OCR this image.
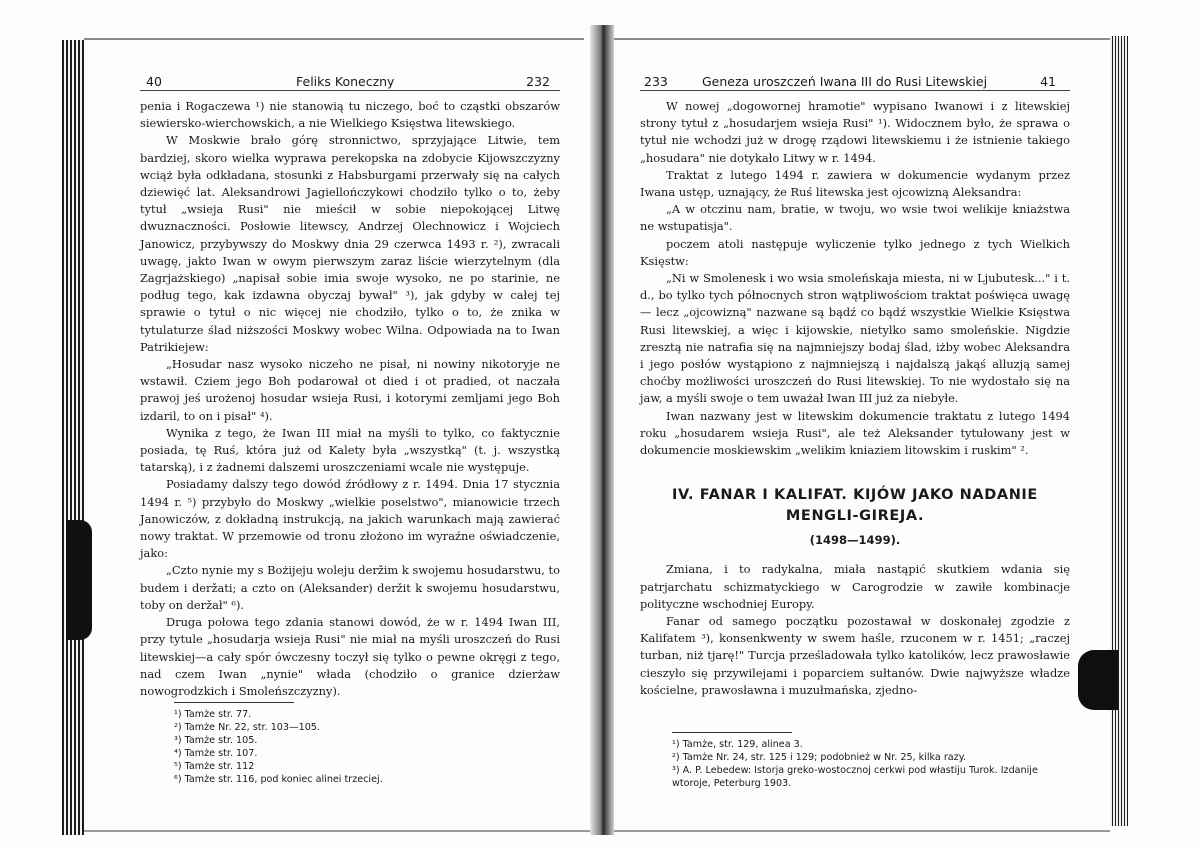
40	Feliks Koneczny	232

penia i Rogaczewa ¹) nie stanowią tu niczego, boć to cząstki obszarów siewiersko-wierchowskich, a nie Wielkiego Księstwa litewskiego.

W Moskwie brało górę stronnictwo, sprzyjające Litwie, tem bardziej, skoro wielka wyprawa perekopska na zdobycie Kijowszczyzny wciąż była odkładana, stosunki z Habsburgami przerwały się na całych dziewięć lat. Aleksandrowi Jagiellończykowi chodziło tylko o to, żeby tytuł „wsieja Rusi" nie mieścił w sobie niepokojącej Litwę dwuznaczności. Posłowie litewscy, Andrzej Olechnowicz i Wojciech Janowicz, przybywszy do Moskwy dnia 29 czerwca 1493 r. ²), zwracali uwagę, jakto Iwan w owym pierwszym zaraz liście wierzytelnym (dla Zagrjażskiego) „napisał sobie imia swoje wysoko, ne po starinie, ne podług tego, kak izdawna obyczaj bywał" ³), jak gdyby w całej tej sprawie o tytuł o nic więcej nie chodziło, tylko o to, że znika w tytulaturze ślad niższości Moskwy wobec Wilna. Odpowiada na to Iwan Patrikiejew:

„Hosudar nasz wysoko niczeho ne pisał, ni nowiny nikotoryje ne wstawił. Cziem jego Boh podarował ot died i ot pradied, ot naczała prawoj jeś urożenoj hosudar wsieja Rusi, i kotorymi zemljami jego Boh izdaril, to on i pisał" ⁴).

Wynika z tego, że Iwan III miał na myśli to tylko, co faktycznie posiada, tę Ruś, która już od Kalety była „wszystką" (t. j. wszystką tatarską), i z żadnemi dalszemi uroszczeniami wcale nie występuje.

Posiadamy dalszy tego dowód źródłowy z r. 1494. Dnia 17 stycznia 1494 r. ⁵) przybyło do Moskwy „wielkie poselstwo", mianowicie trzech Janowiczów, z dokładną instrukcją, na jakich warunkach mają zawierać nowy traktat. W przemowie od tronu złożono im wyraźne oświadczenie, jako:

„Czto nynie my s Bożijeju woleju deržim k swojemu hosudarstwu, to budem i deržati; a czto on (Aleksander) deržit k swojemu hosudarstwu, toby on deržał" ⁶).

Druga połowa tego zdania stanowi dowód, że w r. 1494 Iwan III, przy tytule „hosudarja wsieja Rusi" nie miał na myśli uroszczeń do Rusi litewskiej—a cały spór ówczesny toczył się tylko o pewne okręgi z tego, nad czem Iwan „nynie" włada (chodziło o granice dzierżaw nowogrodzkich i Smoleńszczyzny).

¹) Tamże str. 77.
²) Tamże Nr. 22, str. 103—105.
³) Tamże str. 105.
⁴) Tamże str. 107.
⁵) Tamże str. 112
⁶) Tamże str. 116, pod koniec alinei trzeciej.
233	Geneza uroszczeń Iwana III do Rusi Litewskiej	41

W nowej „dogowornej hramotie" wypisano Iwanowi i z litewskiej strony tytuł z „hosudarjem wsieja Rusi" ¹). Widocznem było, że sprawa o tytuł nie wchodzi już w drogę rządowi litewskiemu i że istnienie takiego „hosudara" nie dotykało Litwy w r. 1494.

Traktat z lutego 1494 r. zawiera w dokumencie wydanym przez Iwana ustęp, uznający, że Ruś litewska jest ojcowizną Aleksandra:

„A w otczinu nam, bratie, w twoju, wo wsie twoi welikije kniażstwa ne wstupatisja".

poczem atoli następuje wyliczenie tylko jednego z tych Wielkich Księstw:

„Ni w Smolenesk i wo wsia smoleńskaja miesta, ni w Ljubutesk..." i t. d., bo tylko tych północnych stron wątpliwościom traktat poświęca uwagę — lecz „ojcowizną" nazwane są bądź co bądź wszystkie Wielkie Księstwa Rusi litewskiej, a więc i kijowskie, nietylko samo smoleńskie. Nigdzie zresztą nie natrafia się na najmniejszy bodaj ślad, iżby wobec Aleksandra i jego posłów wystąpiono z najmniejszą i najdalszą jakąś alluzją samej choćby możliwości uroszczeń do Rusi litewskiej. To nie wydostało się na jaw, a myśli swoje o tem uważał Iwan III już za niebyłe.

Iwan nazwany jest w litewskim dokumencie traktatu z lutego 1494 roku „hosudarem wsieja Rusi", ale też Aleksander tytułowany jest w dokumencie moskiewskim „welikim kniaziem litowskim i ruskim" ².

IV. FANAR I KALIFAT. KIJÓW JAKO NADANIE
MENGLI-GIREJA.
(1498—1499).

Zmiana, i to radykalna, miała nastąpić skutkiem wdania się patrjarchatu schizmatyckiego w Carogrodzie w zawiłe kombinacje polityczne wschodniej Europy.

Fanar od samego początku pozostawał w doskonałej zgodzie z Kalifatem ³), konsenkwenty w swem haśle, rzuconem w r. 1451; „raczej turban, niż tjarę!" Turcja prześladowała tylko katolików, lecz prawosławie cieszyło się przywilejami i poparciem sułtanów. Dwie najwyższe władze kościelne, prawosławna i muzułmańska, zjedno-

¹) Tamże, str. 129, alinea 3.
²) Tamże Nr. 24, str. 125 i 129; podobnież w Nr. 25, kilka razy.
³) A. P. Lebedew: Istorja greko-wostocznoj cerkwi pod włastiju Turok. Izdanije wtoroje, Peterburg 1903.
